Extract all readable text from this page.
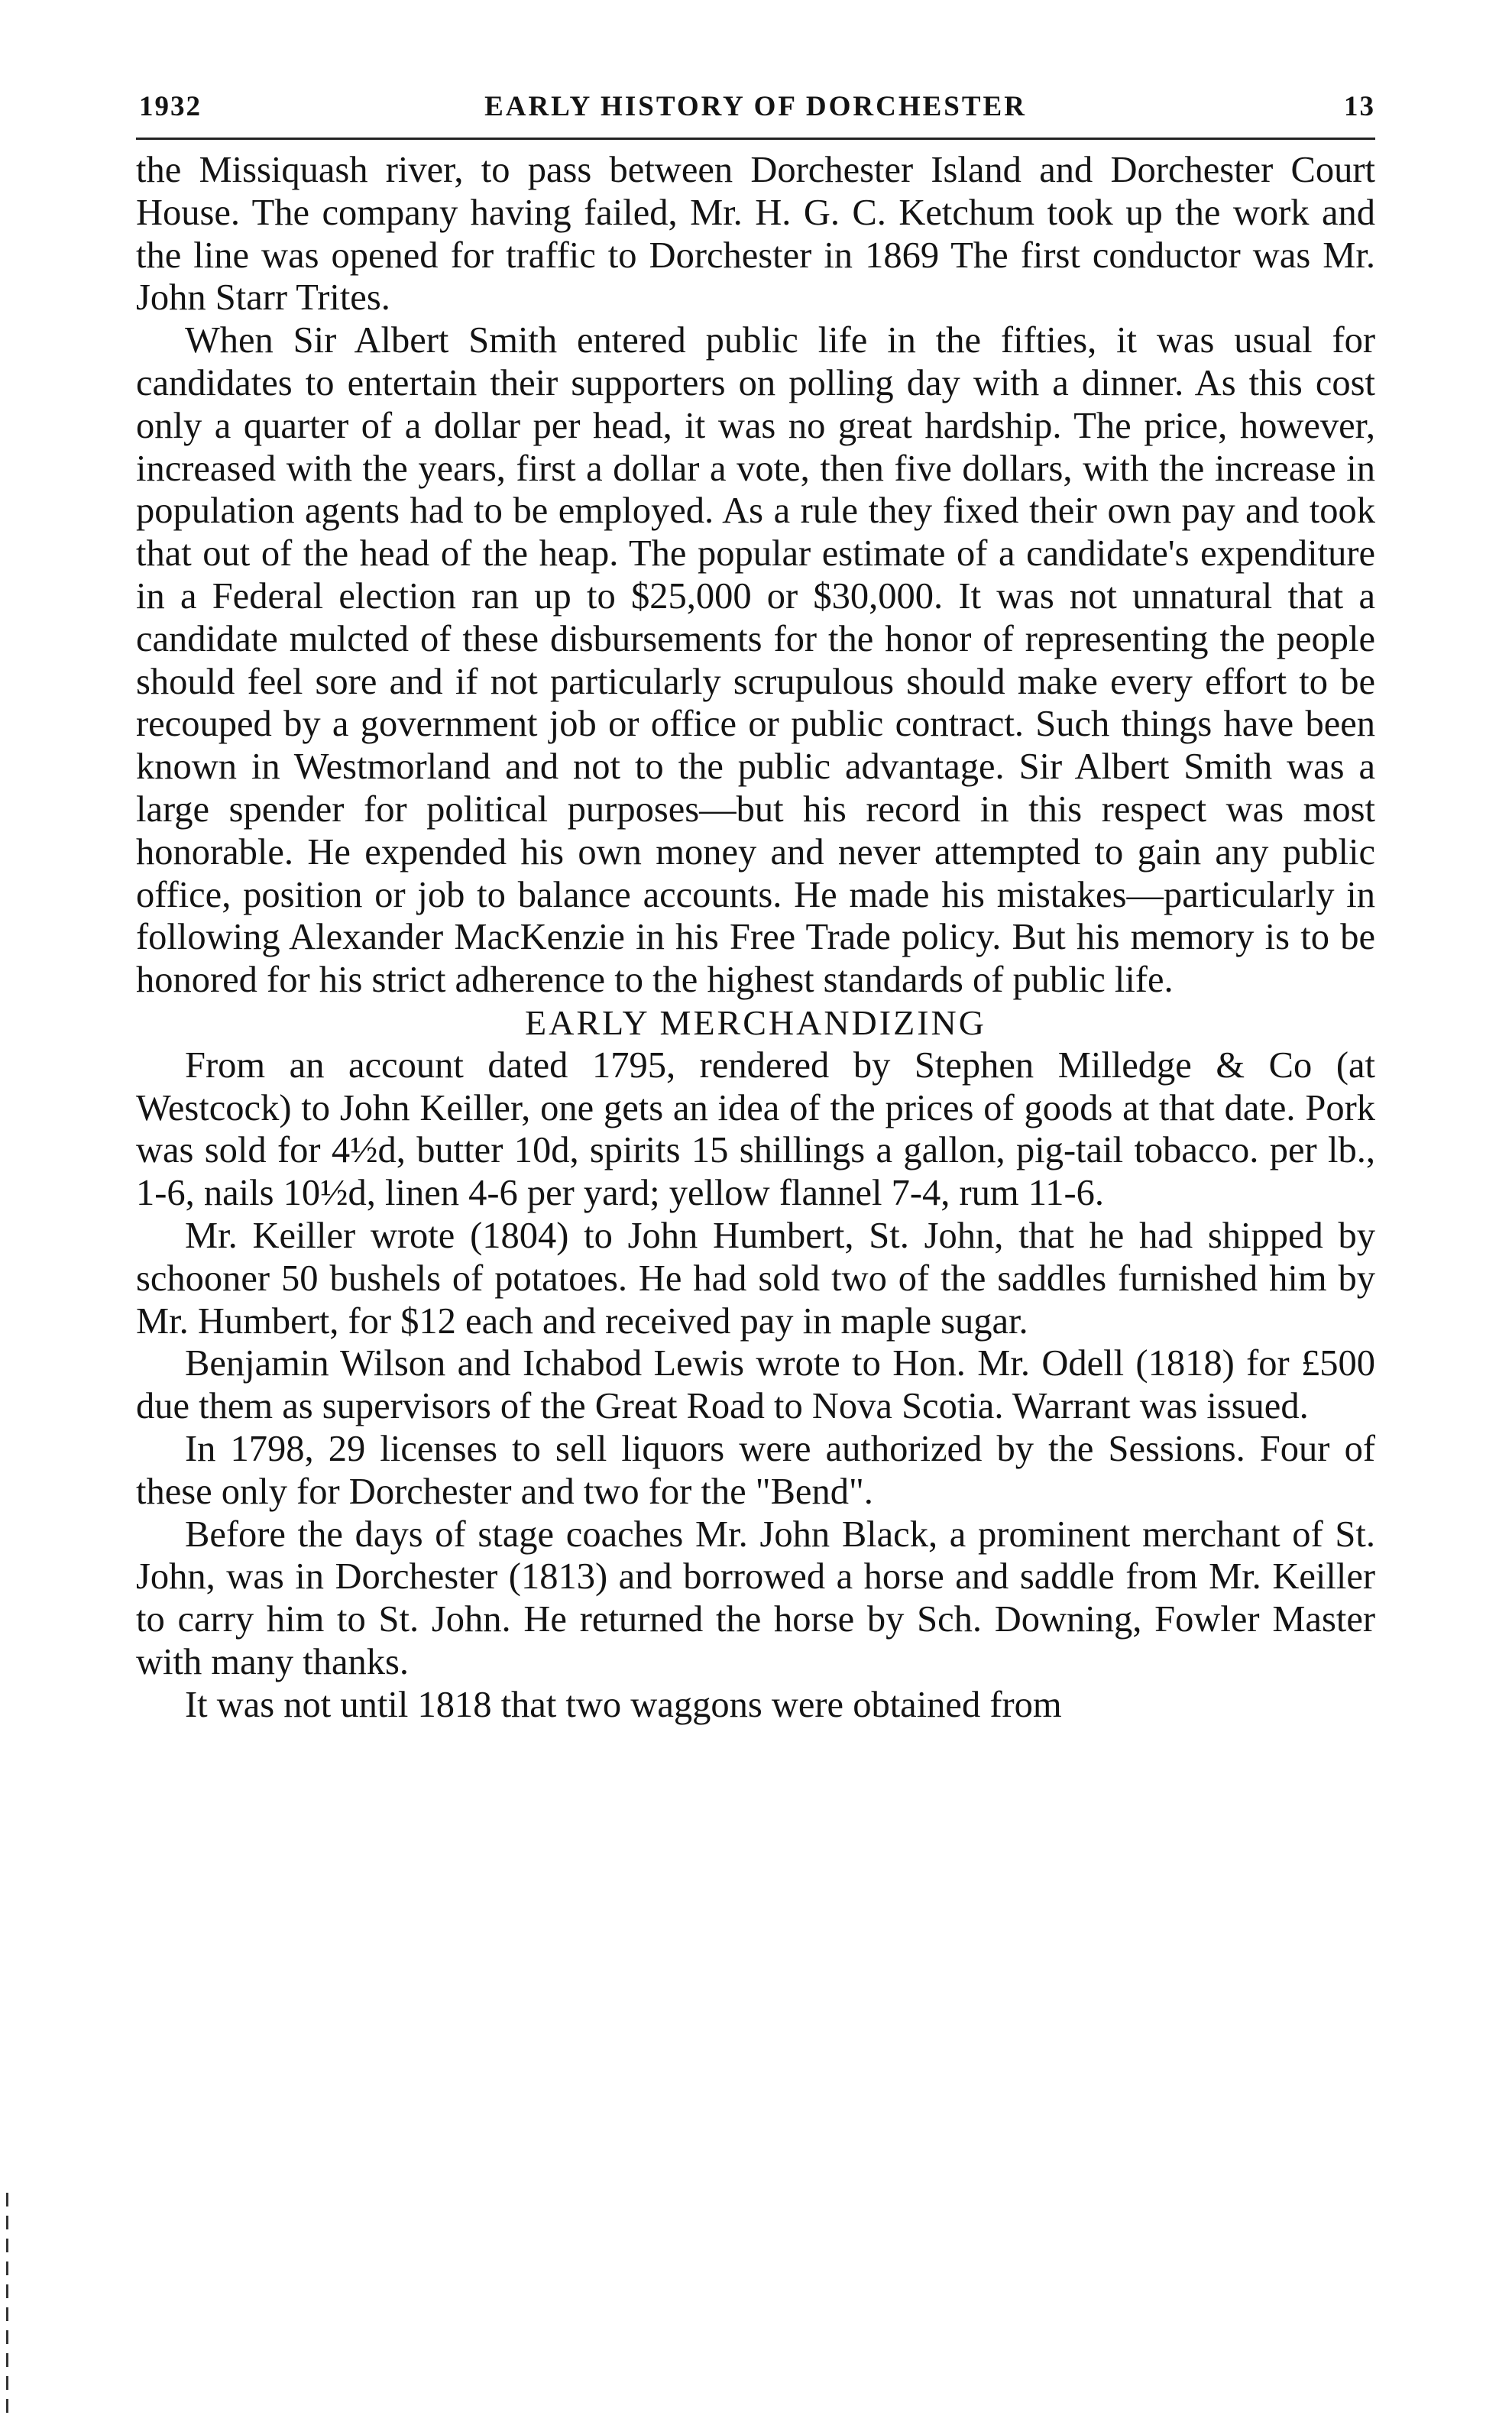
1932	EARLY HISTORY OF DORCHESTER	13

the Missiquash river, to pass between Dorchester Island and Dorchester Court House. The company having failed, Mr. H. G. C. Ketchum took up the work and the line was opened for traffic to Dorchester in 1869 The first conductor was Mr. John Starr Trites.

When Sir Albert Smith entered public life in the fifties, it was usual for candidates to entertain their supporters on polling day with a dinner. As this cost only a quarter of a dollar per head, it was no great hardship. The price, however, increased with the years, first a dollar a vote, then five dollars, with the increase in population agents had to be employed. As a rule they fixed their own pay and took that out of the head of the heap. The popular estimate of a candidate's expenditure in a Federal election ran up to $25,000 or $30,000. It was not unnatural that a candidate mulcted of these disbursements for the honor of representing the people should feel sore and if not particularly scrupulous should make every effort to be recouped by a government job or office or public contract. Such things have been known in Westmorland and not to the public advantage. Sir Albert Smith was a large spender for political purposes—but his record in this respect was most honorable. He expended his own money and never attempted to gain any public office, position or job to balance accounts. He made his mistakes—particularly in following Alexander MacKenzie in his Free Trade policy. But his memory is to be honored for his strict adherence to the highest standards of public life.

EARLY MERCHANDIZING

From an account dated 1795, rendered by Stephen Milledge & Co (at Westcock) to John Keiller, one gets an idea of the prices of goods at that date. Pork was sold for 4½d, butter 10d, spirits 15 shillings a gallon, pig-tail tobacco. per lb., 1-6, nails 10½d, linen 4-6 per yard; yellow flannel 7-4, rum 11-6.

Mr. Keiller wrote (1804) to John Humbert, St. John, that he had shipped by schooner 50 bushels of potatoes. He had sold two of the saddles furnished him by Mr. Humbert, for $12 each and received pay in maple sugar.

Benjamin Wilson and Ichabod Lewis wrote to Hon. Mr. Odell (1818) for £500 due them as supervisors of the Great Road to Nova Scotia. Warrant was issued.

In 1798, 29 licenses to sell liquors were authorized by the Sessions. Four of these only for Dorchester and two for the "Bend".

Before the days of stage coaches Mr. John Black, a prominent merchant of St. John, was in Dorchester (1813) and borrowed a horse and saddle from Mr. Keiller to carry him to St. John. He returned the horse by Sch. Downing, Fowler Master with many thanks.

It was not until 1818 that two waggons were obtained from
